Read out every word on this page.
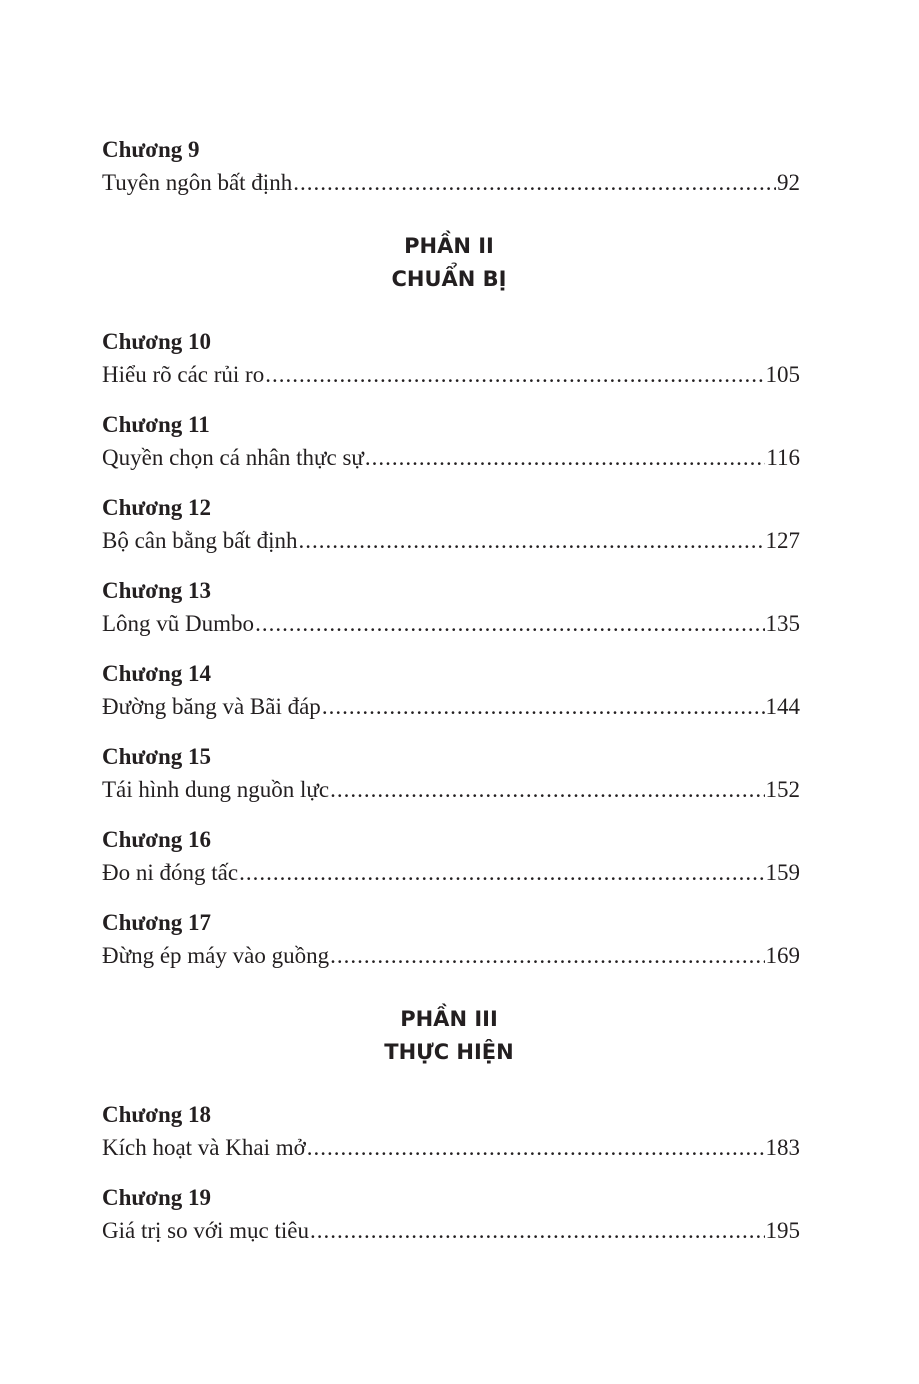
Chương 9
Tuyên ngôn bất định .....	92
PHẦN II
CHUẨN BỊ
Chương 10
Hiểu rõ các rủi ro .....	105
Chương 11
Quyền chọn cá nhân thực sự .....	116
Chương 12
Bộ cân bằng bất định .....	127
Chương 13
Lông vũ Dumbo .....	135
Chương 14
Đường băng và Bãi đáp .....	144
Chương 15
Tái hình dung nguồn lực .....	152
Chương 16
Đo ni đóng tấc .....	159
Chương 17
Đừng ép máy vào guồng .....	169
PHẦN III
THỰC HIỆN
Chương 18
Kích hoạt và Khai mở .....	183
Chương 19
Giá trị so với mục tiêu .....	195
